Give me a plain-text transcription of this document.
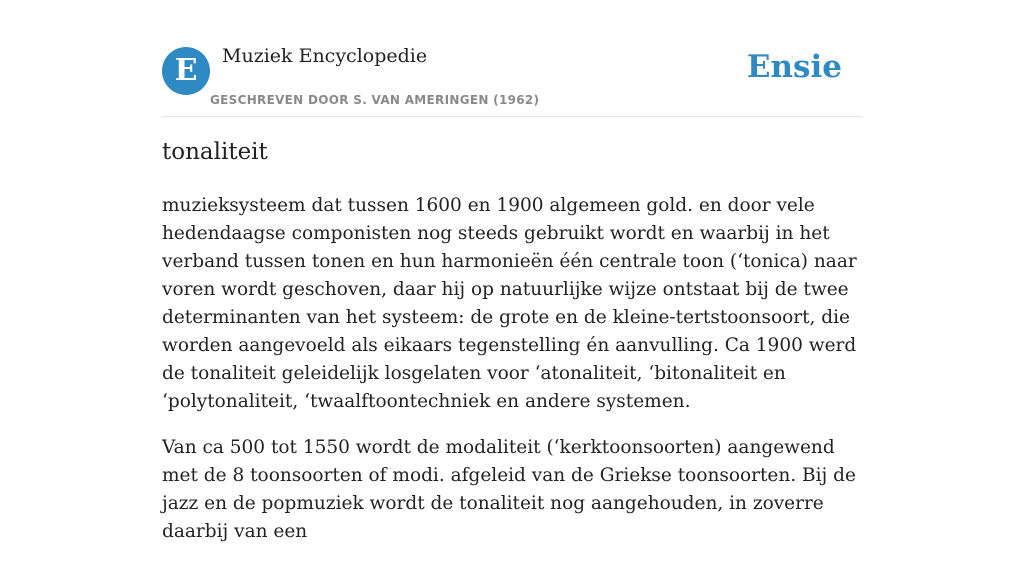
E	Muziek Encyclopedie
GESCHREVEN DOOR S. VAN AMERINGEN (1962)
Ensie
tonaliteit

muzieksysteem dat tussen 1600 en 1900 algemeen gold. en door vele hedendaagse componisten nog steeds gebruikt wordt en waarbij in het verband tussen tonen en hun harmonieën één centrale toon (‘tonica) naar voren wordt geschoven, daar hij op natuurlijke wijze ontstaat bij de twee determinanten van het systeem: de grote en de kleine-tertstoonsoort, die worden aangevoeld als eikaars tegenstelling én aanvulling. Ca 1900 werd de tonaliteit geleidelijk losgelaten voor ‘atonaliteit, ‘bitonaliteit en ‘polytonaliteit, ‘twaalftoontechniek en andere systemen.

Van ca 500 tot 1550 wordt de modaliteit (‘kerktoonsoorten) aangewend met de 8 toonsoorten of modi. afgeleid van de Griekse toonsoorten. Bij de jazz en de popmuziek wordt de tonaliteit nog aangehouden, in zoverre daarbij van een
